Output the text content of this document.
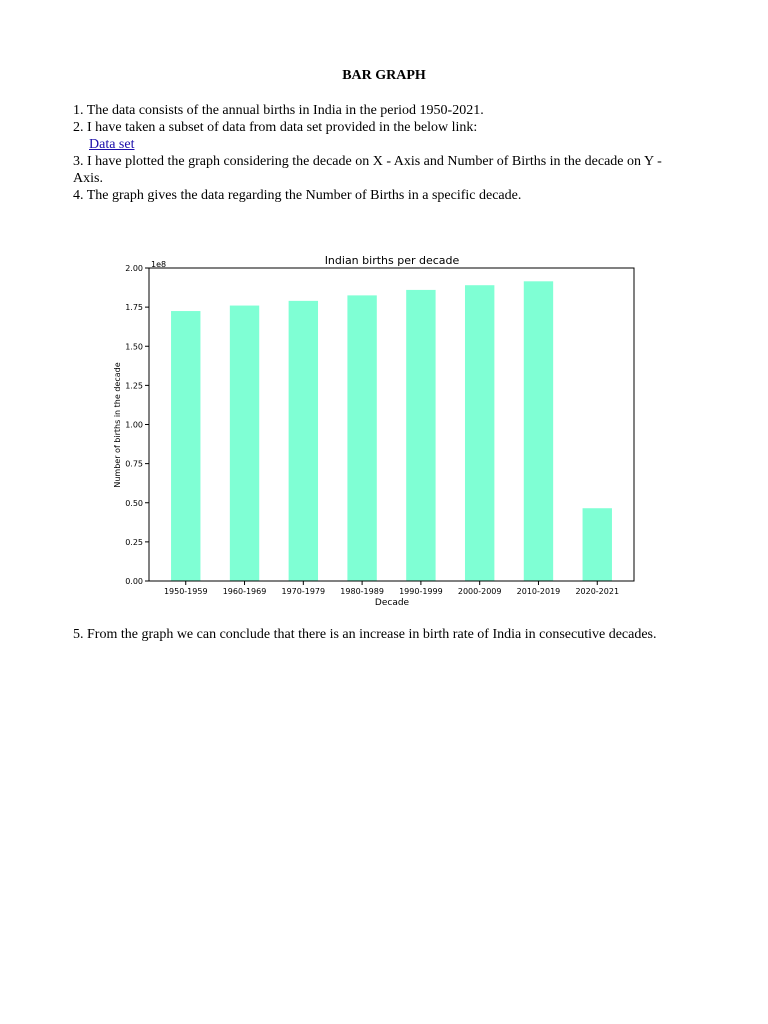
BAR GRAPH

1. The data consists of the annual births in India in the period 1950-2021.

2. I have taken a subset of data from data set provided in the below link:

Data set

3. I have plotted the graph considering the decade on X - Axis and Number of Births in the decade on Y - Axis.

4. The graph gives the data regarding the Number of Births in a specific decade.

Indian births per decade
1e8
0.00
0.25
0.50
0.75
1.00
1.25
1.50
1.75
2.00
1950-1959 1960-1969 1970-1979 1980-1989 1990-1999 2000-2009 2010-2019 2020-2021
Decade
Number of births in the decade

5. From the graph we can conclude that there is an increase in birth rate of India in consecutive decades.
